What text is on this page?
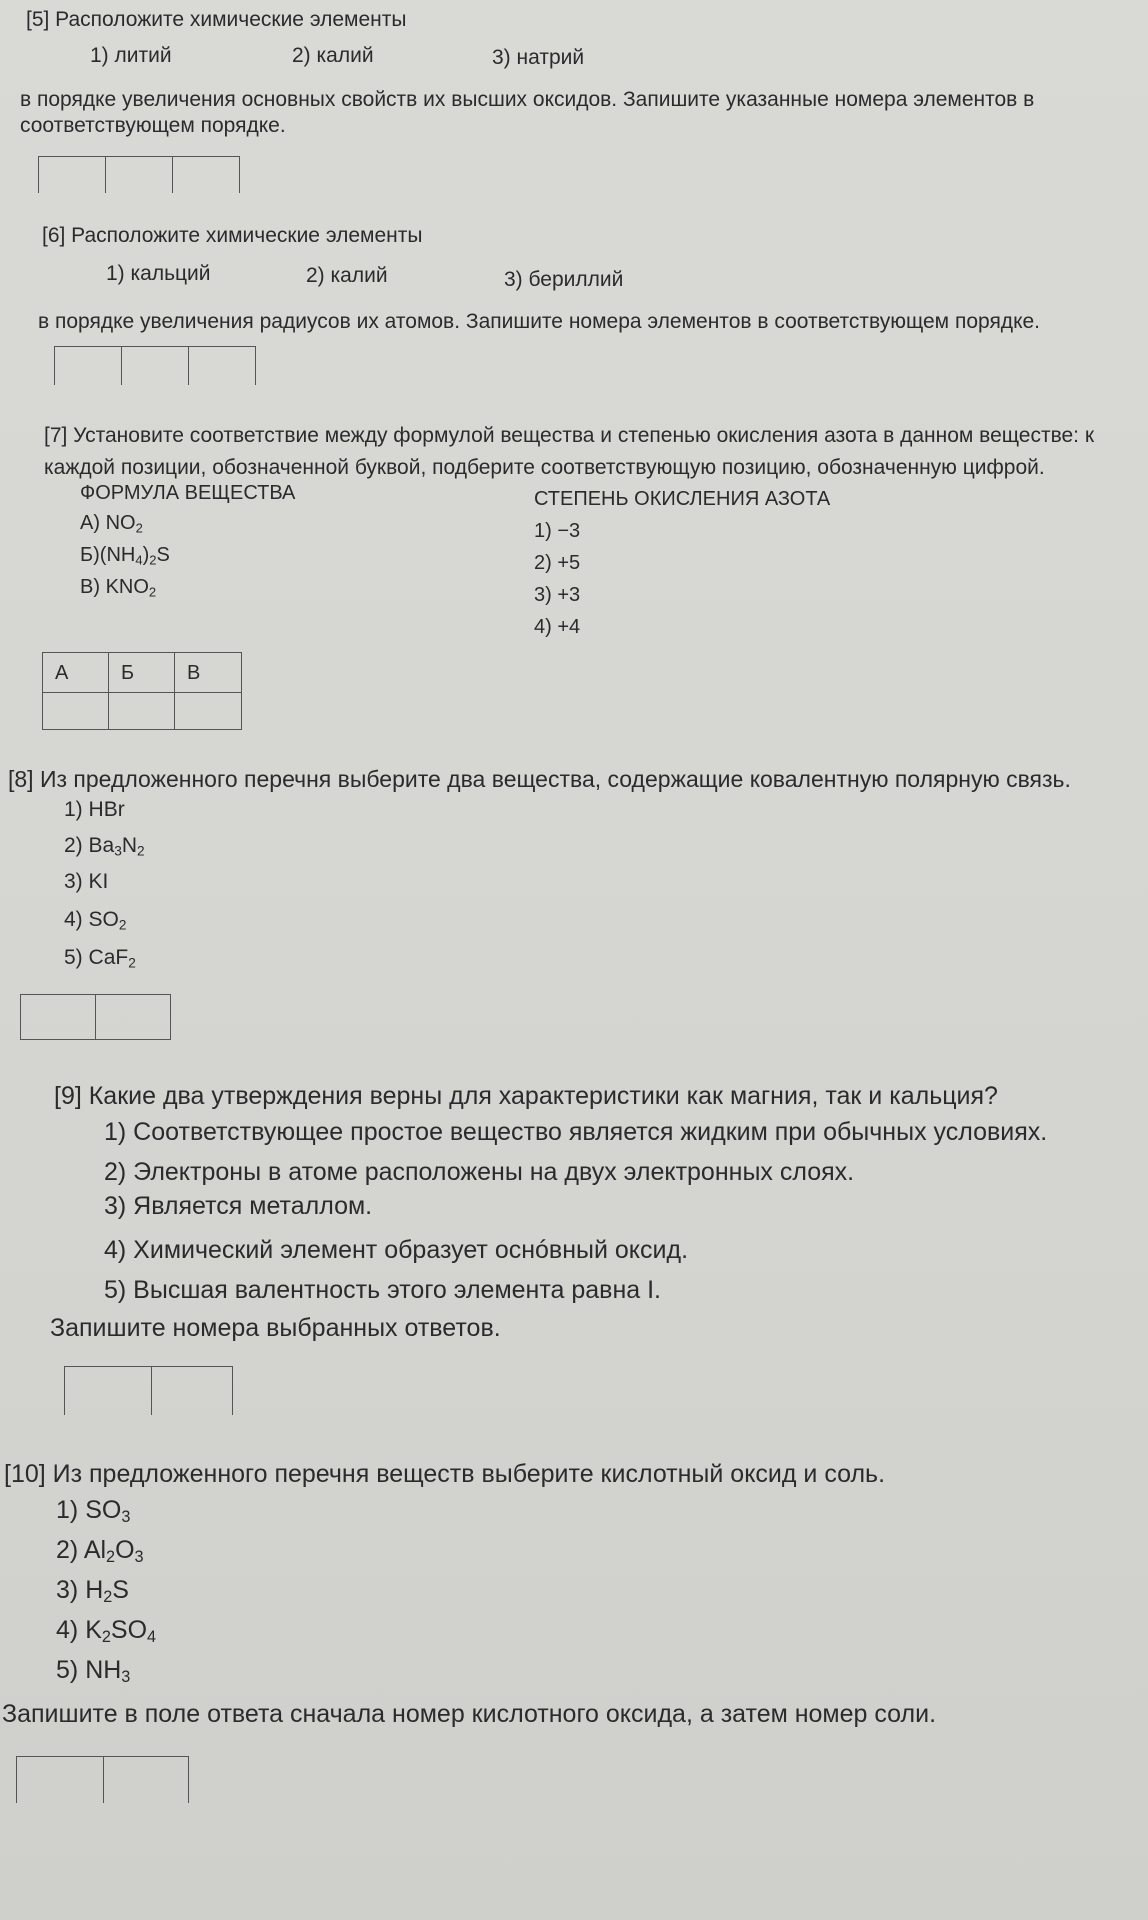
[5] Расположите химические элементы
1) литий	2) калий	3) натрий
в порядке увеличения основных свойств их высших оксидов. Запишите указанные номера элементов в
соответствующем порядке.
[6] Расположите химические элементы
1) кальций	2) калий	3) бериллий
в порядке увеличения радиусов их атомов. Запишите номера элементов в соответствующем порядке.
[7] Установите соответствие между формулой вещества и степенью окисления азота в данном веществе: к
каждой позиции, обозначенной буквой, подберите соответствующую позицию, обозначенную цифрой.
ФОРМУЛА ВЕЩЕСТВА	СТЕПЕНЬ ОКИСЛЕНИЯ АЗОТА
А) $NO_2$
$Б)(NH_4)_2S$
В) $KNO_2$
1) −3
2) +5
3) +3
4) +4
А	Б	В
[8] Из предложенного перечня выберите два вещества, содержащие ковалентную полярную связь.
1) HBr
2) $Ba_3N_2$
3) KI
4) $SO_2$
5) CaF$_2$
[9] Какие два утверждения верны для характеристики как магния, так и кальция?
1) Соответствующее простое вещество является жидким при обычных условиях.
2) Электроны в атоме расположены на двух электронных слоях.
3) Является металлом.
4) Химический элемент образует оснóвный оксид.
5) Высшая валентность этого элемента равна I.
Запишите номера выбранных ответов.
[10] Из предложенного перечня веществ выберите кислотный оксид и соль.
1) $SO_3$
2) $Al_2O_3$
3) $H_2S$
4) $K_2SO_4$
5) $NH_3$
Запишите в поле ответа сначала номер кислотного оксида, а затем номер соли.
